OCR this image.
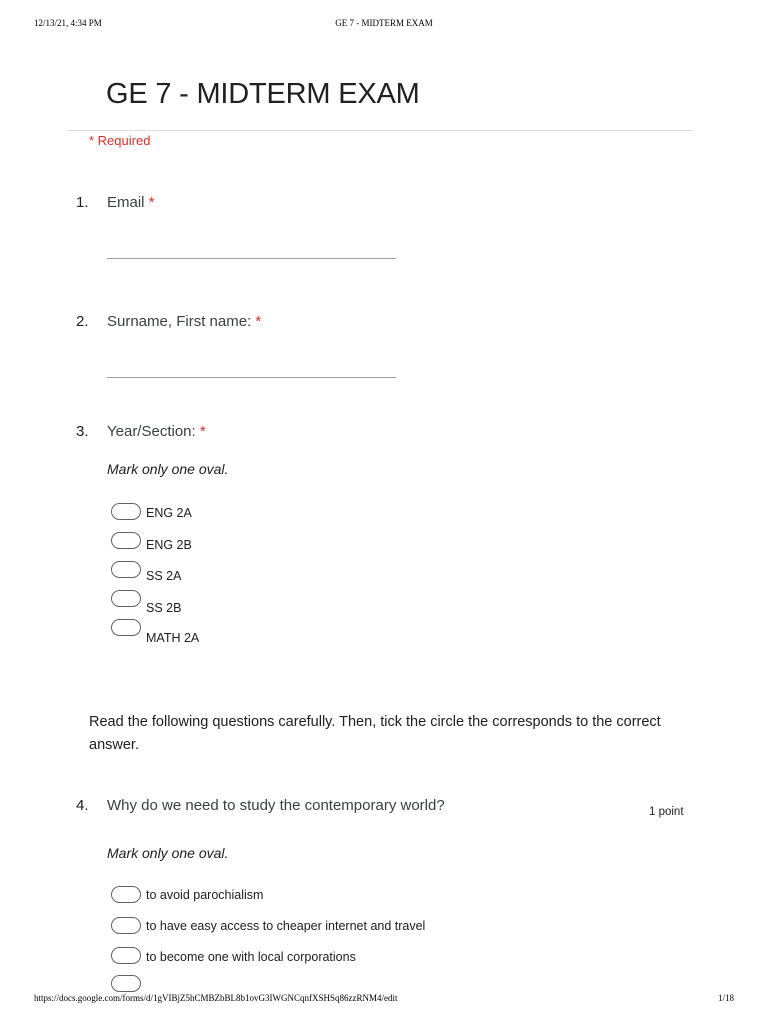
12/13/21, 4:34 PM	GE 7 - MIDTERM EXAM
GE 7 - MIDTERM EXAM
* Required
1. Email *
2. Surname, First name: *
3. Year/Section: *
Mark only one oval.
ENG 2A
ENG 2B
SS 2A
SS 2B
MATH 2A

Read the following questions carefully. Then, tick the circle the corresponds to the correct answer.

4. Why do we need to study the contemporary world?	1 point
Mark only one oval.
to avoid parochialism
to have easy access to cheaper internet and travel
to become one with local corporations
https://docs.google.com/forms/d/1gVIBjZ5hCMBZbBL8b1ovG3IWGNCqnfXSHSq86zzRNM4/edit	1/18
